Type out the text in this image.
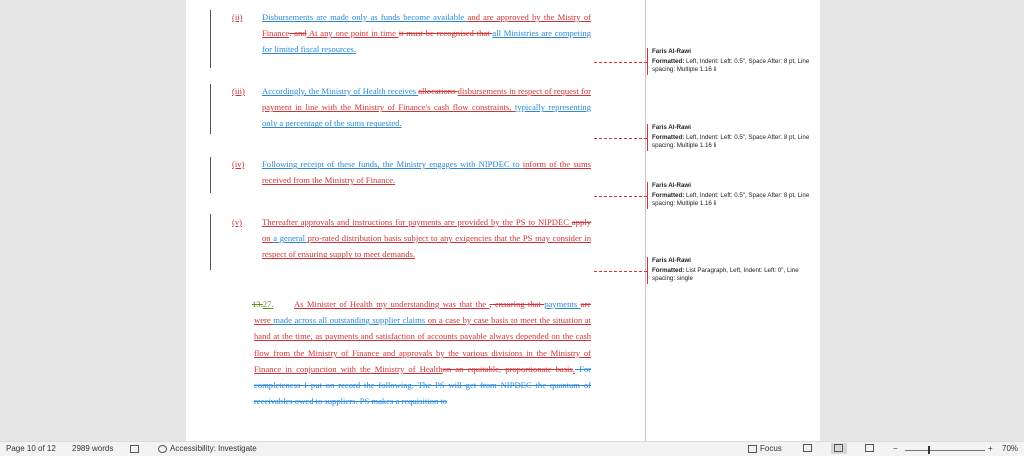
(ii) Disbursements are made only as funds become available and are approved by the Mistry of Finance. and At any one point in time it must be recognised that all Ministries are competing for limited fiscal resources.
(iii) Accordingly, the Ministry of Health receives allocations disbursements in respect of request for payment in line with the Ministry of Finance's cash flow constraints, typically representing only a percentage of the sums requested.
(iv) Following receipt of these funds, the Ministry engages with NIPDEC to inform of the sums received from the Ministry of Finance.
(v) Thereafter approvals and instructions for payments are provided by the PS to NIPDEC apply on a general pro-rated distribution basis subject to any exigencies that the PS may consider in respect of ensuring supply to meet demands.
13.27. As Minister of Health my understanding was that the , ensuring that payments are were made across all outstanding supplier claims on a case by case basis to meet the situation at hand at the time, as payments and satisfaction of accounts payable always depended on the cash flow from the Ministry of Finance and approvals by the various divisions in the Ministry of Finance in conjunction with the Ministry of Healthon an equitable, proportionate basis. For completeness I put on record the following. The PS will get from NIPDEC the quantum of receivables owed to suppliers. PS makes a requisition to
Faris Al-Rawi
Formatted: Left, Indent: Left: 0.5", Space After: 8 pt, Line spacing: Multiple 1.16 li
Faris Al-Rawi
Formatted: Left, Indent: Left: 0.5", Space After: 8 pt, Line spacing: Multiple 1.16 li
Faris Al-Rawi
Formatted: Left, Indent: Left: 0.5", Space After: 8 pt, Line spacing: Multiple 1.16 li
Faris Al-Rawi
Formatted: List Paragraph, Left, Indent: Left: 0", Line spacing: single
Page 10 of 12 2989 words	Accessibility: Investigate	Focus	−	+ 70%
